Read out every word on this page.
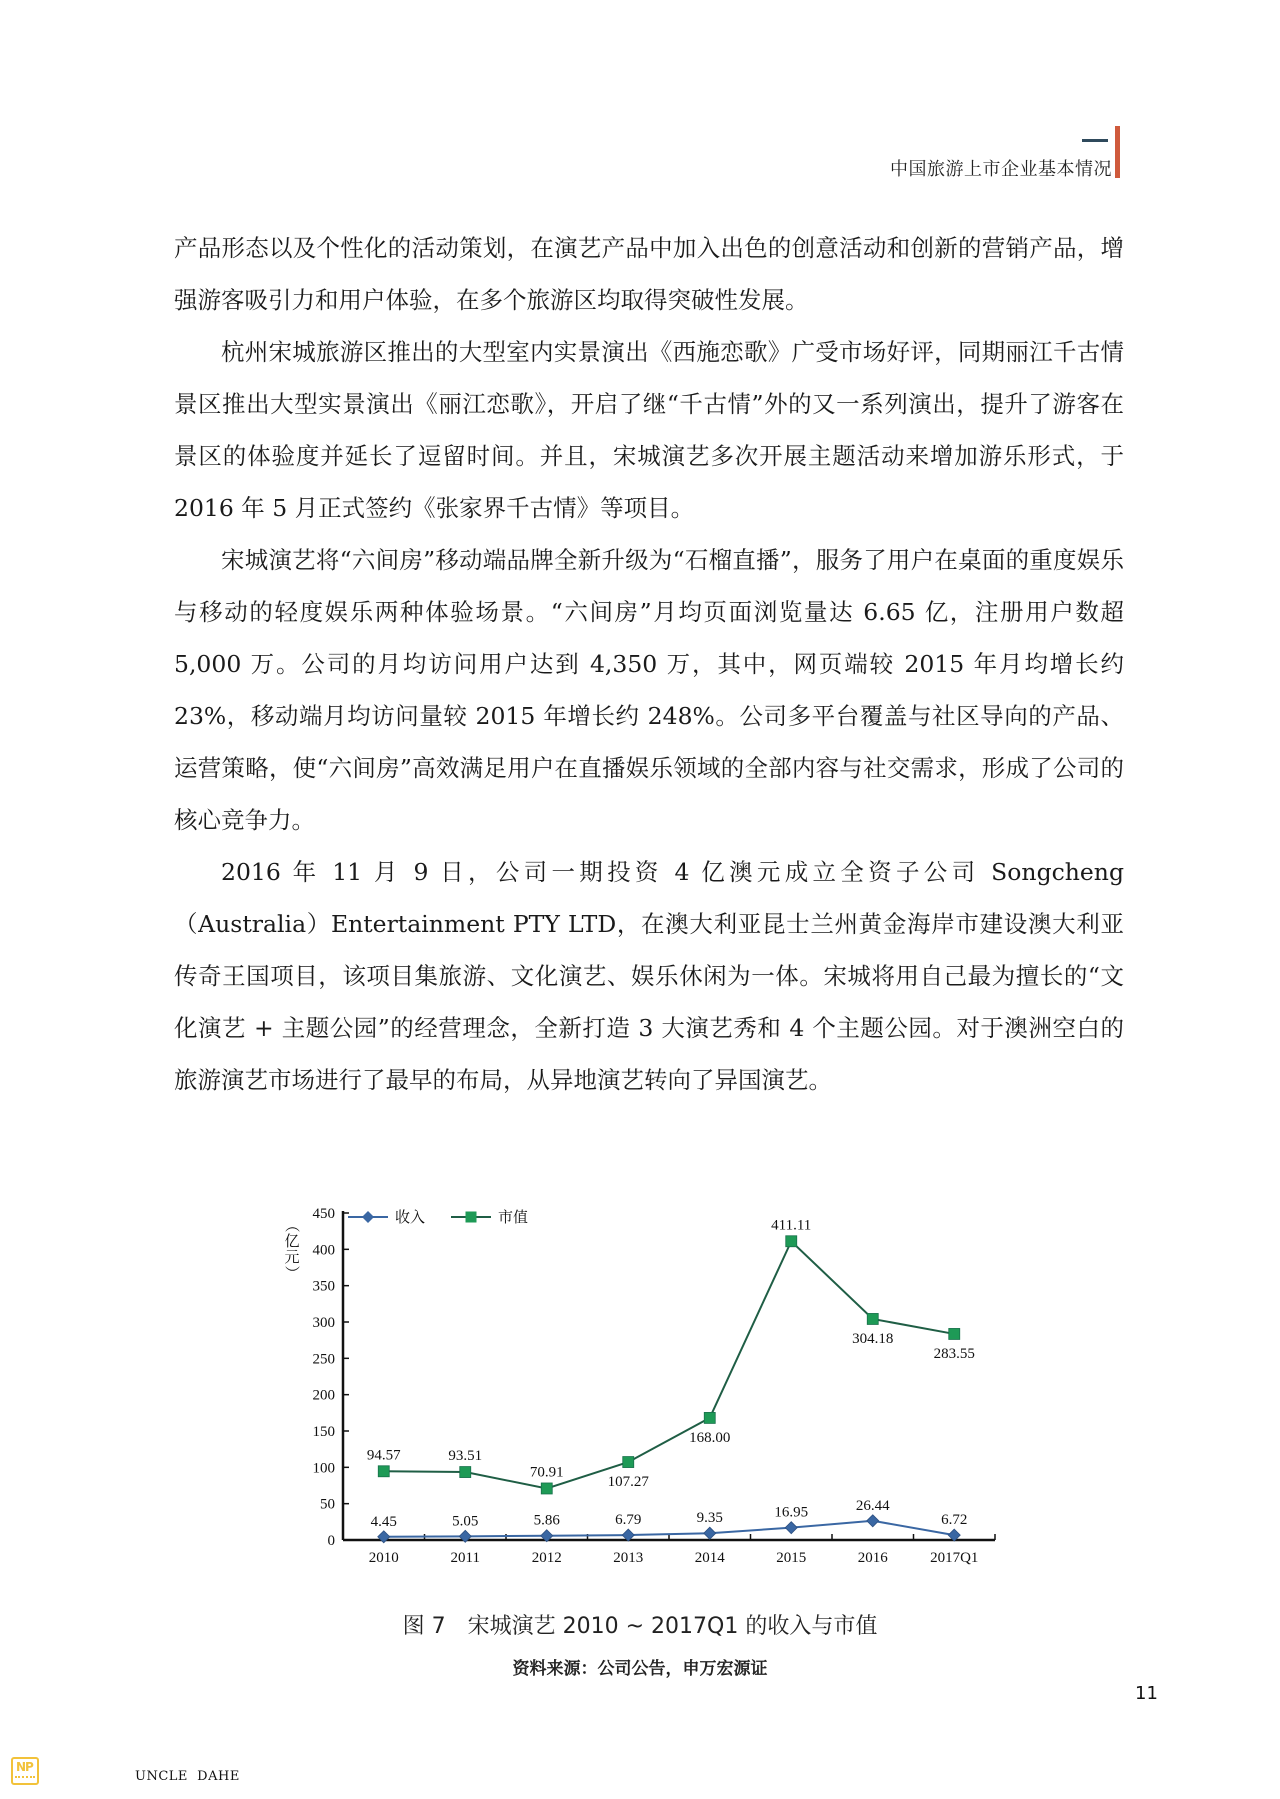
中国旅游上市企业基本情况

产品形态以及个性化的活动策划，在演艺产品中加入出色的创意活动和创新的营销产品，增强游客吸引力和用户体验，在多个旅游区均取得突破性发展。

杭州宋城旅游区推出的大型室内实景演出《西施恋歌》广受市场好评，同期丽江千古情景区推出大型实景演出《丽江恋歌》，开启了继“千古情”外的又一系列演出，提升了游客在景区的体验度并延长了逗留时间。并且，宋城演艺多次开展主题活动来增加游乐形式，于 2016 年 5 月正式签约《张家界千古情》等项目。

宋城演艺将“六间房”移动端品牌全新升级为“石榴直播”，服务了用户在桌面的重度娱乐与移动的轻度娱乐两种体验场景。“六间房”月均页面浏览量达 6.65 亿，注册用户数超 5,000 万。公司的月均访问用户达到 4,350 万，其中，网页端较 2015 年月均增长约 23%，移动端月均访问量较 2015 年增长约 248%。公司多平台覆盖与社区导向的产品、运营策略，使“六间房”高效满足用户在直播娱乐领域的全部内容与社交需求，形成了公司的核心竞争力。

2016 年 11 月 9 日，公司一期投资 4 亿澳元成立全资子公司 Songcheng（Australia）Entertainment PTY LTD，在澳大利亚昆士兰州黄金海岸市建设澳大利亚传奇王国项目，该项目集旅游、文化演艺、娱乐休闲为一体。宋城将用自己最为擅长的“文化演艺 + 主题公园”的经营理念，全新打造 3 大演艺秀和 4 个主题公园。对于澳洲空白的旅游演艺市场进行了最早的布局，从异地演艺转向了异国演艺。

（
亿
元
）
0
50
100
150
200
250
300
350
400
450
2010	2011	2012	2013	2014	2015	2016	2017Q1
4.45	5.05	5.86	6.79	9.35	16.95	26.44
6.72
94.57	93.51
70.91
107.27
168.00
411.11
304.18
283.55
收入	市值
图 7　宋城演艺 2010 ~ 2017Q1 的收入与市值
资料来源：公司公告，申万宏源证
11
NP
UNCLE  DAHE
